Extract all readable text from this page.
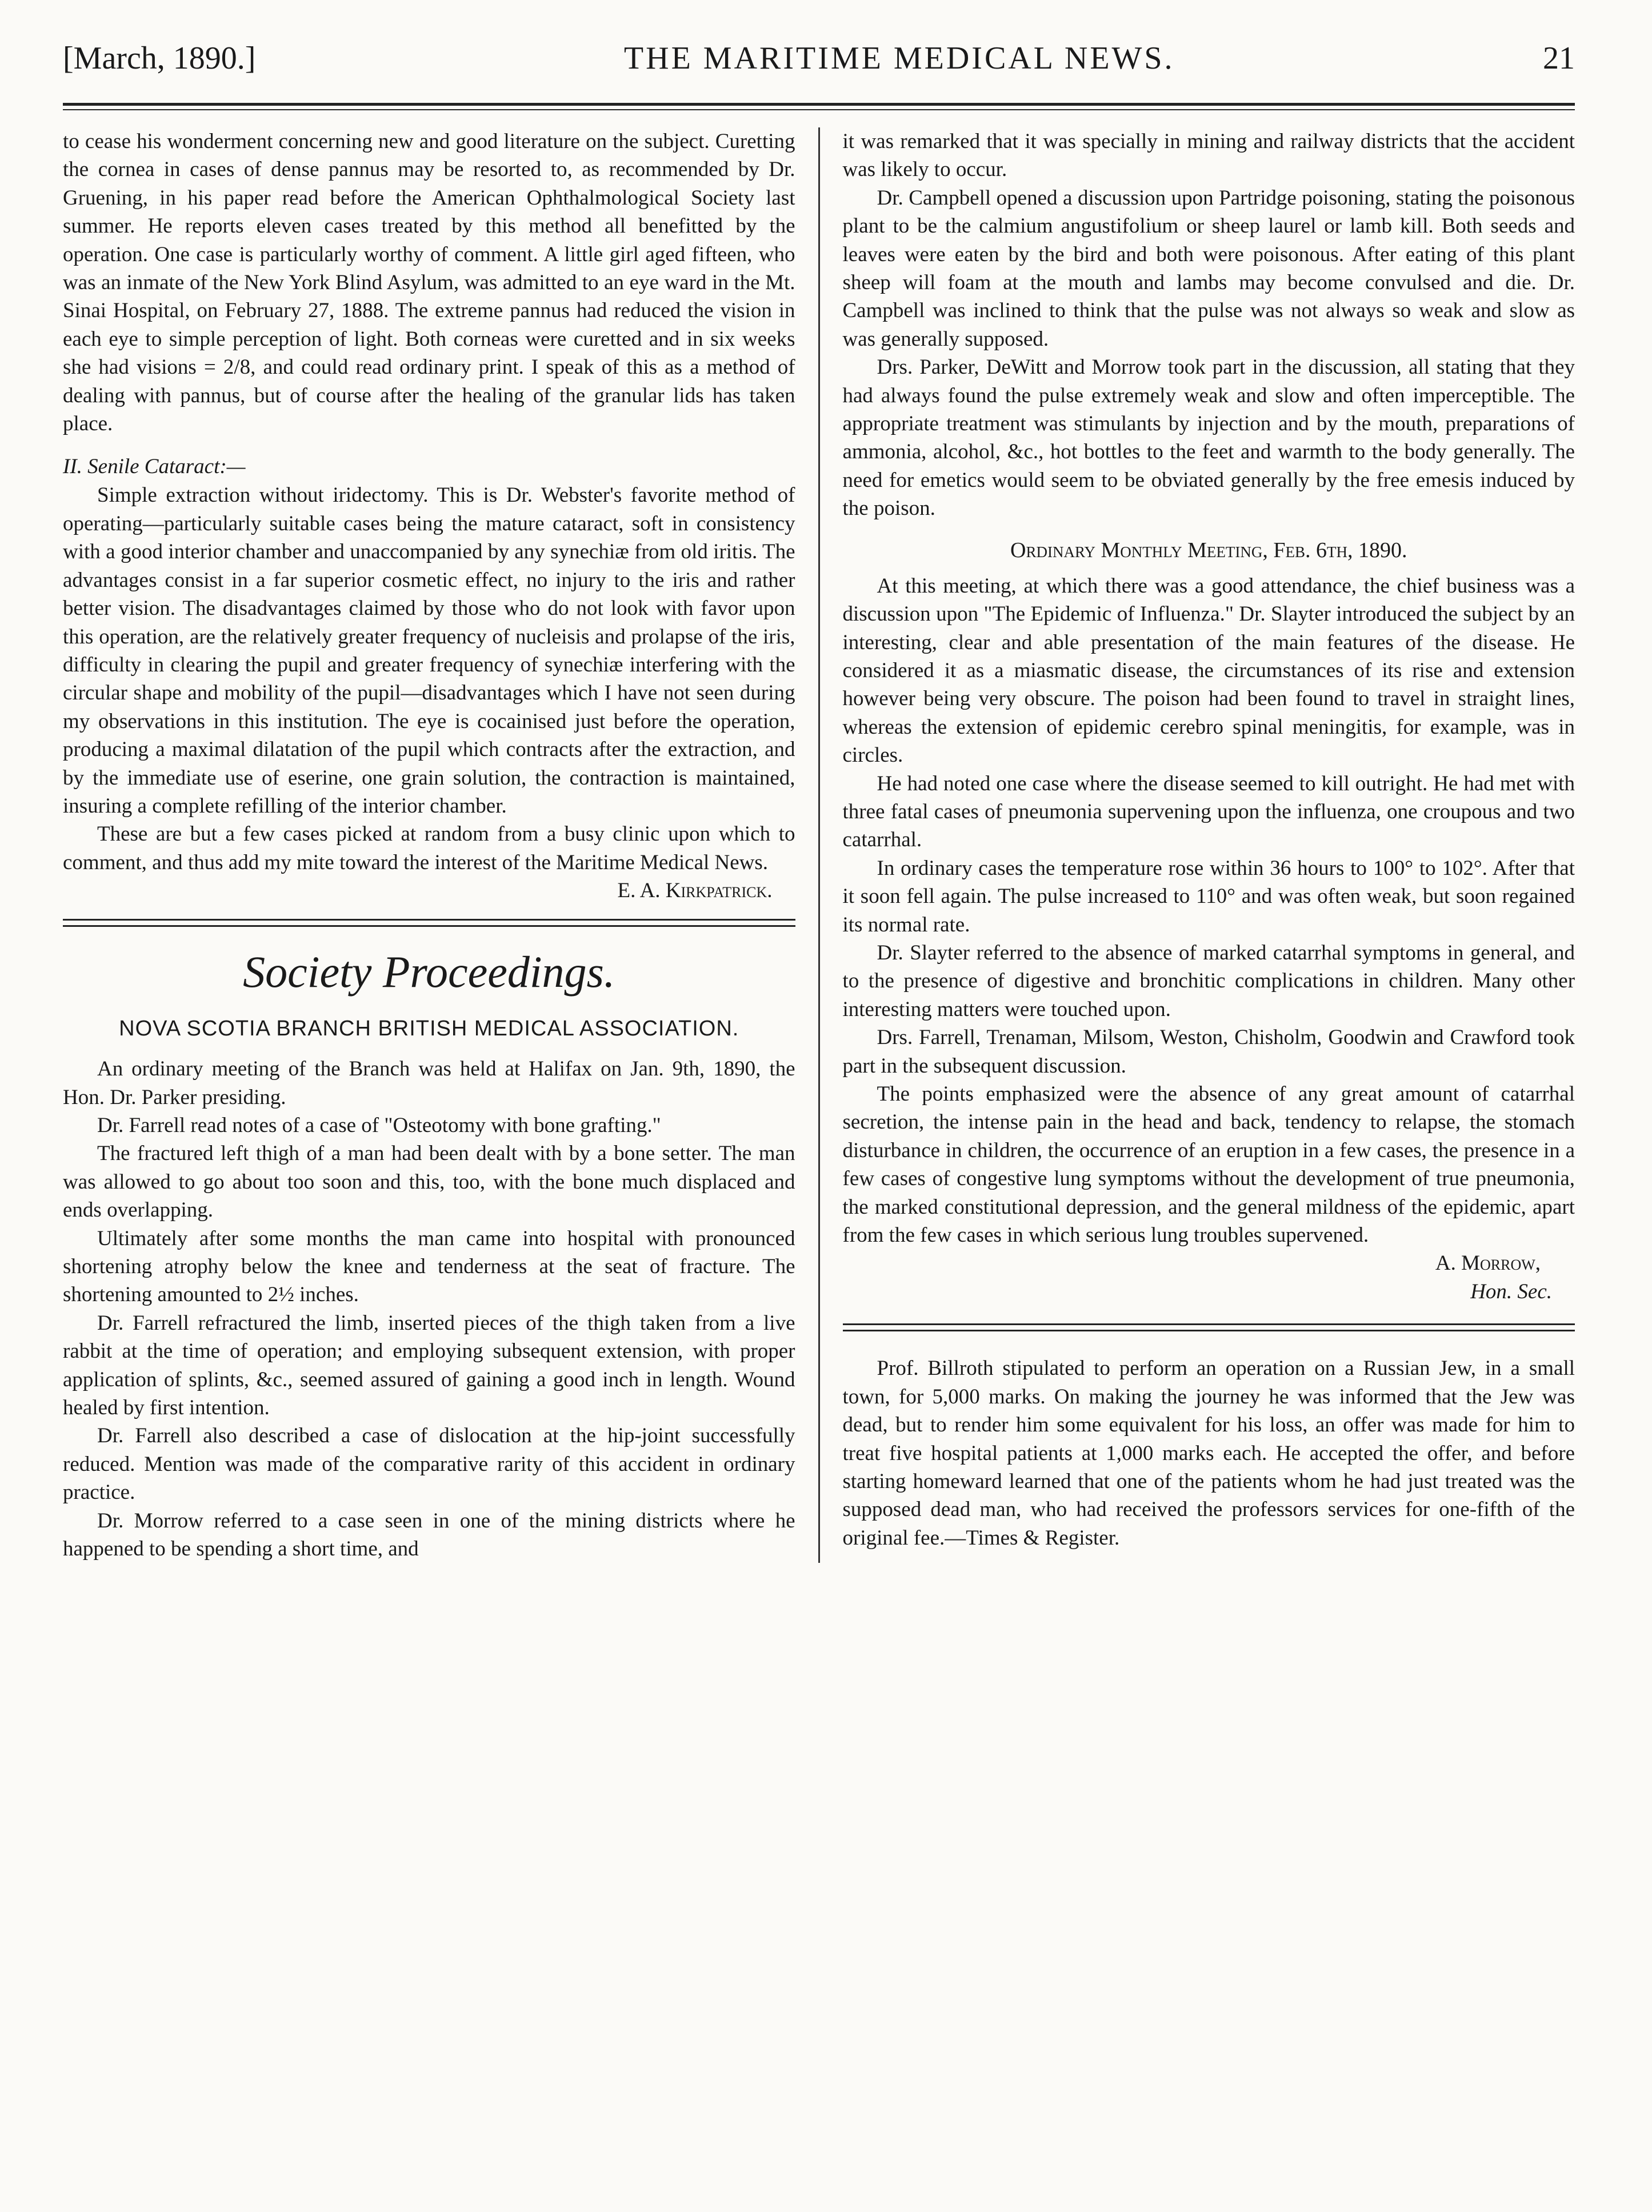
[March, 1890.]	THE MARITIME MEDICAL NEWS.	21

to cease his wonderment concerning new and good literature on the subject. Curetting the cornea in cases of dense pannus may be resorted to, as recommended by Dr. Gruening, in his paper read before the American Ophthalmological Society last summer. He reports eleven cases treated by this method all benefitted by the operation. One case is particularly worthy of comment. A little girl aged fifteen, who was an inmate of the New York Blind Asylum, was admitted to an eye ward in the Mt. Sinai Hospital, on February 27, 1888. The extreme pannus had reduced the vision in each eye to simple perception of light. Both corneas were curetted and in six weeks she had visions = 2/8, and could read ordinary print. I speak of this as a method of dealing with pannus, but of course after the healing of the granular lids has taken place.

II. Senile Cataract:—

Simple extraction without iridectomy. This is Dr. Webster's favorite method of operating—particularly suitable cases being the mature cataract, soft in consistency with a good interior chamber and unaccompanied by any synechiæ from old iritis. The advantages consist in a far superior cosmetic effect, no injury to the iris and rather better vision. The disadvantages claimed by those who do not look with favor upon this operation, are the relatively greater frequency of nucleisis and prolapse of the iris, difficulty in clearing the pupil and greater frequency of synechiæ interfering with the circular shape and mobility of the pupil—disadvantages which I have not seen during my observations in this institution. The eye is cocainised just before the operation, producing a maximal dilatation of the pupil which contracts after the extraction, and by the immediate use of eserine, one grain solution, the contraction is maintained, insuring a complete refilling of the interior chamber.

These are but a few cases picked at random from a busy clinic upon which to comment, and thus add my mite toward the interest of the Maritime Medical News.

E. A. Kirkpatrick.
Society Proceedings.
NOVA SCOTIA BRANCH BRITISH MEDICAL ASSOCIATION.

An ordinary meeting of the Branch was held at Halifax on Jan. 9th, 1890, the Hon. Dr. Parker presiding.

Dr. Farrell read notes of a case of "Osteotomy with bone grafting."

The fractured left thigh of a man had been dealt with by a bone setter. The man was allowed to go about too soon and this, too, with the bone much displaced and ends overlapping.

Ultimately after some months the man came into hospital with pronounced shortening atrophy below the knee and tenderness at the seat of fracture. The shortening amounted to 2½ inches.

Dr. Farrell refractured the limb, inserted pieces of the thigh taken from a live rabbit at the time of operation; and employing subsequent extension, with proper application of splints, &c., seemed assured of gaining a good inch in length. Wound healed by first intention.

Dr. Farrell also described a case of dislocation at the hip-joint successfully reduced. Mention was made of the comparative rarity of this accident in ordinary practice.

Dr. Morrow referred to a case seen in one of the mining districts where he happened to be spending a short time, and

it was remarked that it was specially in mining and railway districts that the accident was likely to occur.

Dr. Campbell opened a discussion upon Partridge poisoning, stating the poisonous plant to be the calmium angustifolium or sheep laurel or lamb kill. Both seeds and leaves were eaten by the bird and both were poisonous. After eating of this plant sheep will foam at the mouth and lambs may become convulsed and die. Dr. Campbell was inclined to think that the pulse was not always so weak and slow as was generally supposed.

Drs. Parker, DeWitt and Morrow took part in the discussion, all stating that they had always found the pulse extremely weak and slow and often imperceptible. The appropriate treatment was stimulants by injection and by the mouth, preparations of ammonia, alcohol, &c., hot bottles to the feet and warmth to the body generally. The need for emetics would seem to be obviated generally by the free emesis induced by the poison.

Ordinary Monthly Meeting, Feb. 6th, 1890.

At this meeting, at which there was a good attendance, the chief business was a discussion upon "The Epidemic of Influenza." Dr. Slayter introduced the subject by an interesting, clear and able presentation of the main features of the disease. He considered it as a miasmatic disease, the circumstances of its rise and extension however being very obscure. The poison had been found to travel in straight lines, whereas the extension of epidemic cerebro spinal meningitis, for example, was in circles.

He had noted one case where the disease seemed to kill outright. He had met with three fatal cases of pneumonia supervening upon the influenza, one croupous and two catarrhal.

In ordinary cases the temperature rose within 36 hours to 100° to 102°. After that it soon fell again. The pulse increased to 110° and was often weak, but soon regained its normal rate.

Dr. Slayter referred to the absence of marked catarrhal symptoms in general, and to the presence of digestive and bronchitic complications in children. Many other interesting matters were touched upon.

Drs. Farrell, Trenaman, Milsom, Weston, Chisholm, Goodwin and Crawford took part in the subsequent discussion.

The points emphasized were the absence of any great amount of catarrhal secretion, the intense pain in the head and back, tendency to relapse, the stomach disturbance in children, the occurrence of an eruption in a few cases, the presence in a few cases of congestive lung symptoms without the development of true pneumonia, the marked constitutional depression, and the general mildness of the epidemic, apart from the few cases in which serious lung troubles supervened.

A. Morrow,
Hon. Sec.

Prof. Billroth stipulated to perform an operation on a Russian Jew, in a small town, for 5,000 marks. On making the journey he was informed that the Jew was dead, but to render him some equivalent for his loss, an offer was made for him to treat five hospital patients at 1,000 marks each. He accepted the offer, and before starting homeward learned that one of the patients whom he had just treated was the supposed dead man, who had received the professors services for one-fifth of the original fee.—Times & Register.
